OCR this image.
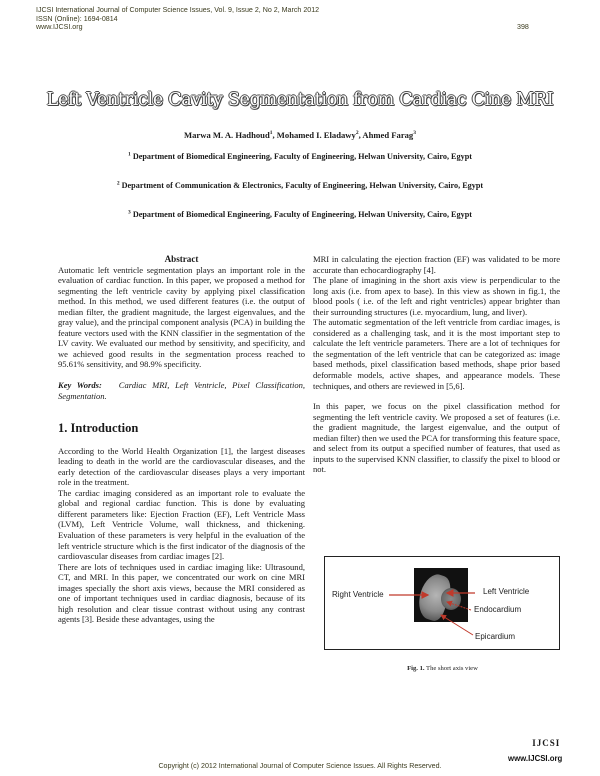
IJCSI International Journal of Computer Science Issues, Vol. 9, Issue 2, No 2, March 2012
ISSN (Online): 1694-0814
www.IJCSI.org	398
Left Ventricle Cavity Segmentation from Cardiac Cine MRI
Marwa M. A. Hadhoud$^1$, Mohamed I. Eladawy$^2$, Ahmed Farag$^3$
$^1$ Department of Biomedical Engineering, Faculty of Engineering, Helwan University, Cairo, Egypt
$^2$ Department of Communication & Electronics, Faculty of Engineering, Helwan University, Cairo, Egypt
$^3$ Department of Biomedical Engineering, Faculty of Engineering, Helwan University, Cairo, Egypt

Abstract

Automatic left ventricle segmentation plays an important role in the evaluation of cardiac function. In this paper, we proposed a method for segmenting the left ventricle cavity by applying pixel classification method. In this method, we used different features (i.e. the output of median filter, the gradient magnitude, the largest eigenvalues, and the gray value), and the principal component analysis (PCA) in building the feature vectors used with the KNN classifier in the segmentation of the LV cavity. We evaluated our method by sensitivity, and specificity, and we achieved good results in the segmentation process reached to 95.61% sensitivity, and 98.9% specificity.

Key Words: Cardiac MRI, Left Ventricle, Pixel Classification, Segmentation.

1. Introduction

According to the World Health Organization [1], the largest diseases leading to death in the world are the cardiovascular diseases, and the early detection of the cardiovascular diseases plays a very important role in the treatment.

The cardiac imaging considered as an important role to evaluate the global and regional cardiac function. This is done by evaluating different parameters like: Ejection Fraction (EF), Left Ventricle Mass (LVM), Left Ventricle Volume, wall thickness, and thickening. Evaluation of these parameters is very helpful in the evaluation of the left ventricle structure which is the first indicator of the diagnosis of the cardiovascular diseases from cardiac images [2].

There are lots of techniques used in cardiac imaging like: Ultrasound, CT, and MRI. In this paper, we concentrated our work on cine MRI images specially the short axis views, because the MRI considered as one of important techniques used in cardiac diagnosis, because of its high resolution and clear tissue contrast without using any contrast agents [3]. Beside these advantages, using the

MRI in calculating the ejection fraction (EF) was validated to be more accurate than echocardiography [4].

The plane of imagining in the short axis view is perpendicular to the long axis (i.e. from apex to base). In this view as shown in fig.1, the blood pools ( i.e. of the left and right ventricles) appear brighter than their surrounding structures (i.e. myocardium, lung, and liver).

The automatic segmentation of the left ventricle from cardiac images, is considered as a challenging task, and it is the most important step to calculate the left ventricle parameters. There are a lot of techniques for the segmentation of the left ventricle that can be categorized as: image based methods, pixel classification based methods, shape prior based deformable models, active shapes, and appearance models. These techniques, and others are reviewed in [5,6].

In this paper, we focus on the pixel classification method for segmenting the left ventricle cavity. We proposed a set of features (i.e. the gradient magnitude, the largest eigenvalue, and the output of median filter) then we used the PCA for transforming this feature space, and select from its output a specified number of features, that used as inputs to the supervised KNN classifier, to classify the pixel to blood or not.

Right Ventricle	Left Ventricle
Endocardium
Epicardium
Fig. 1. The short axis view
IJCSI
www.IJCSI.org
Copyright (c) 2012 International Journal of Computer Science Issues. All Rights Reserved.
